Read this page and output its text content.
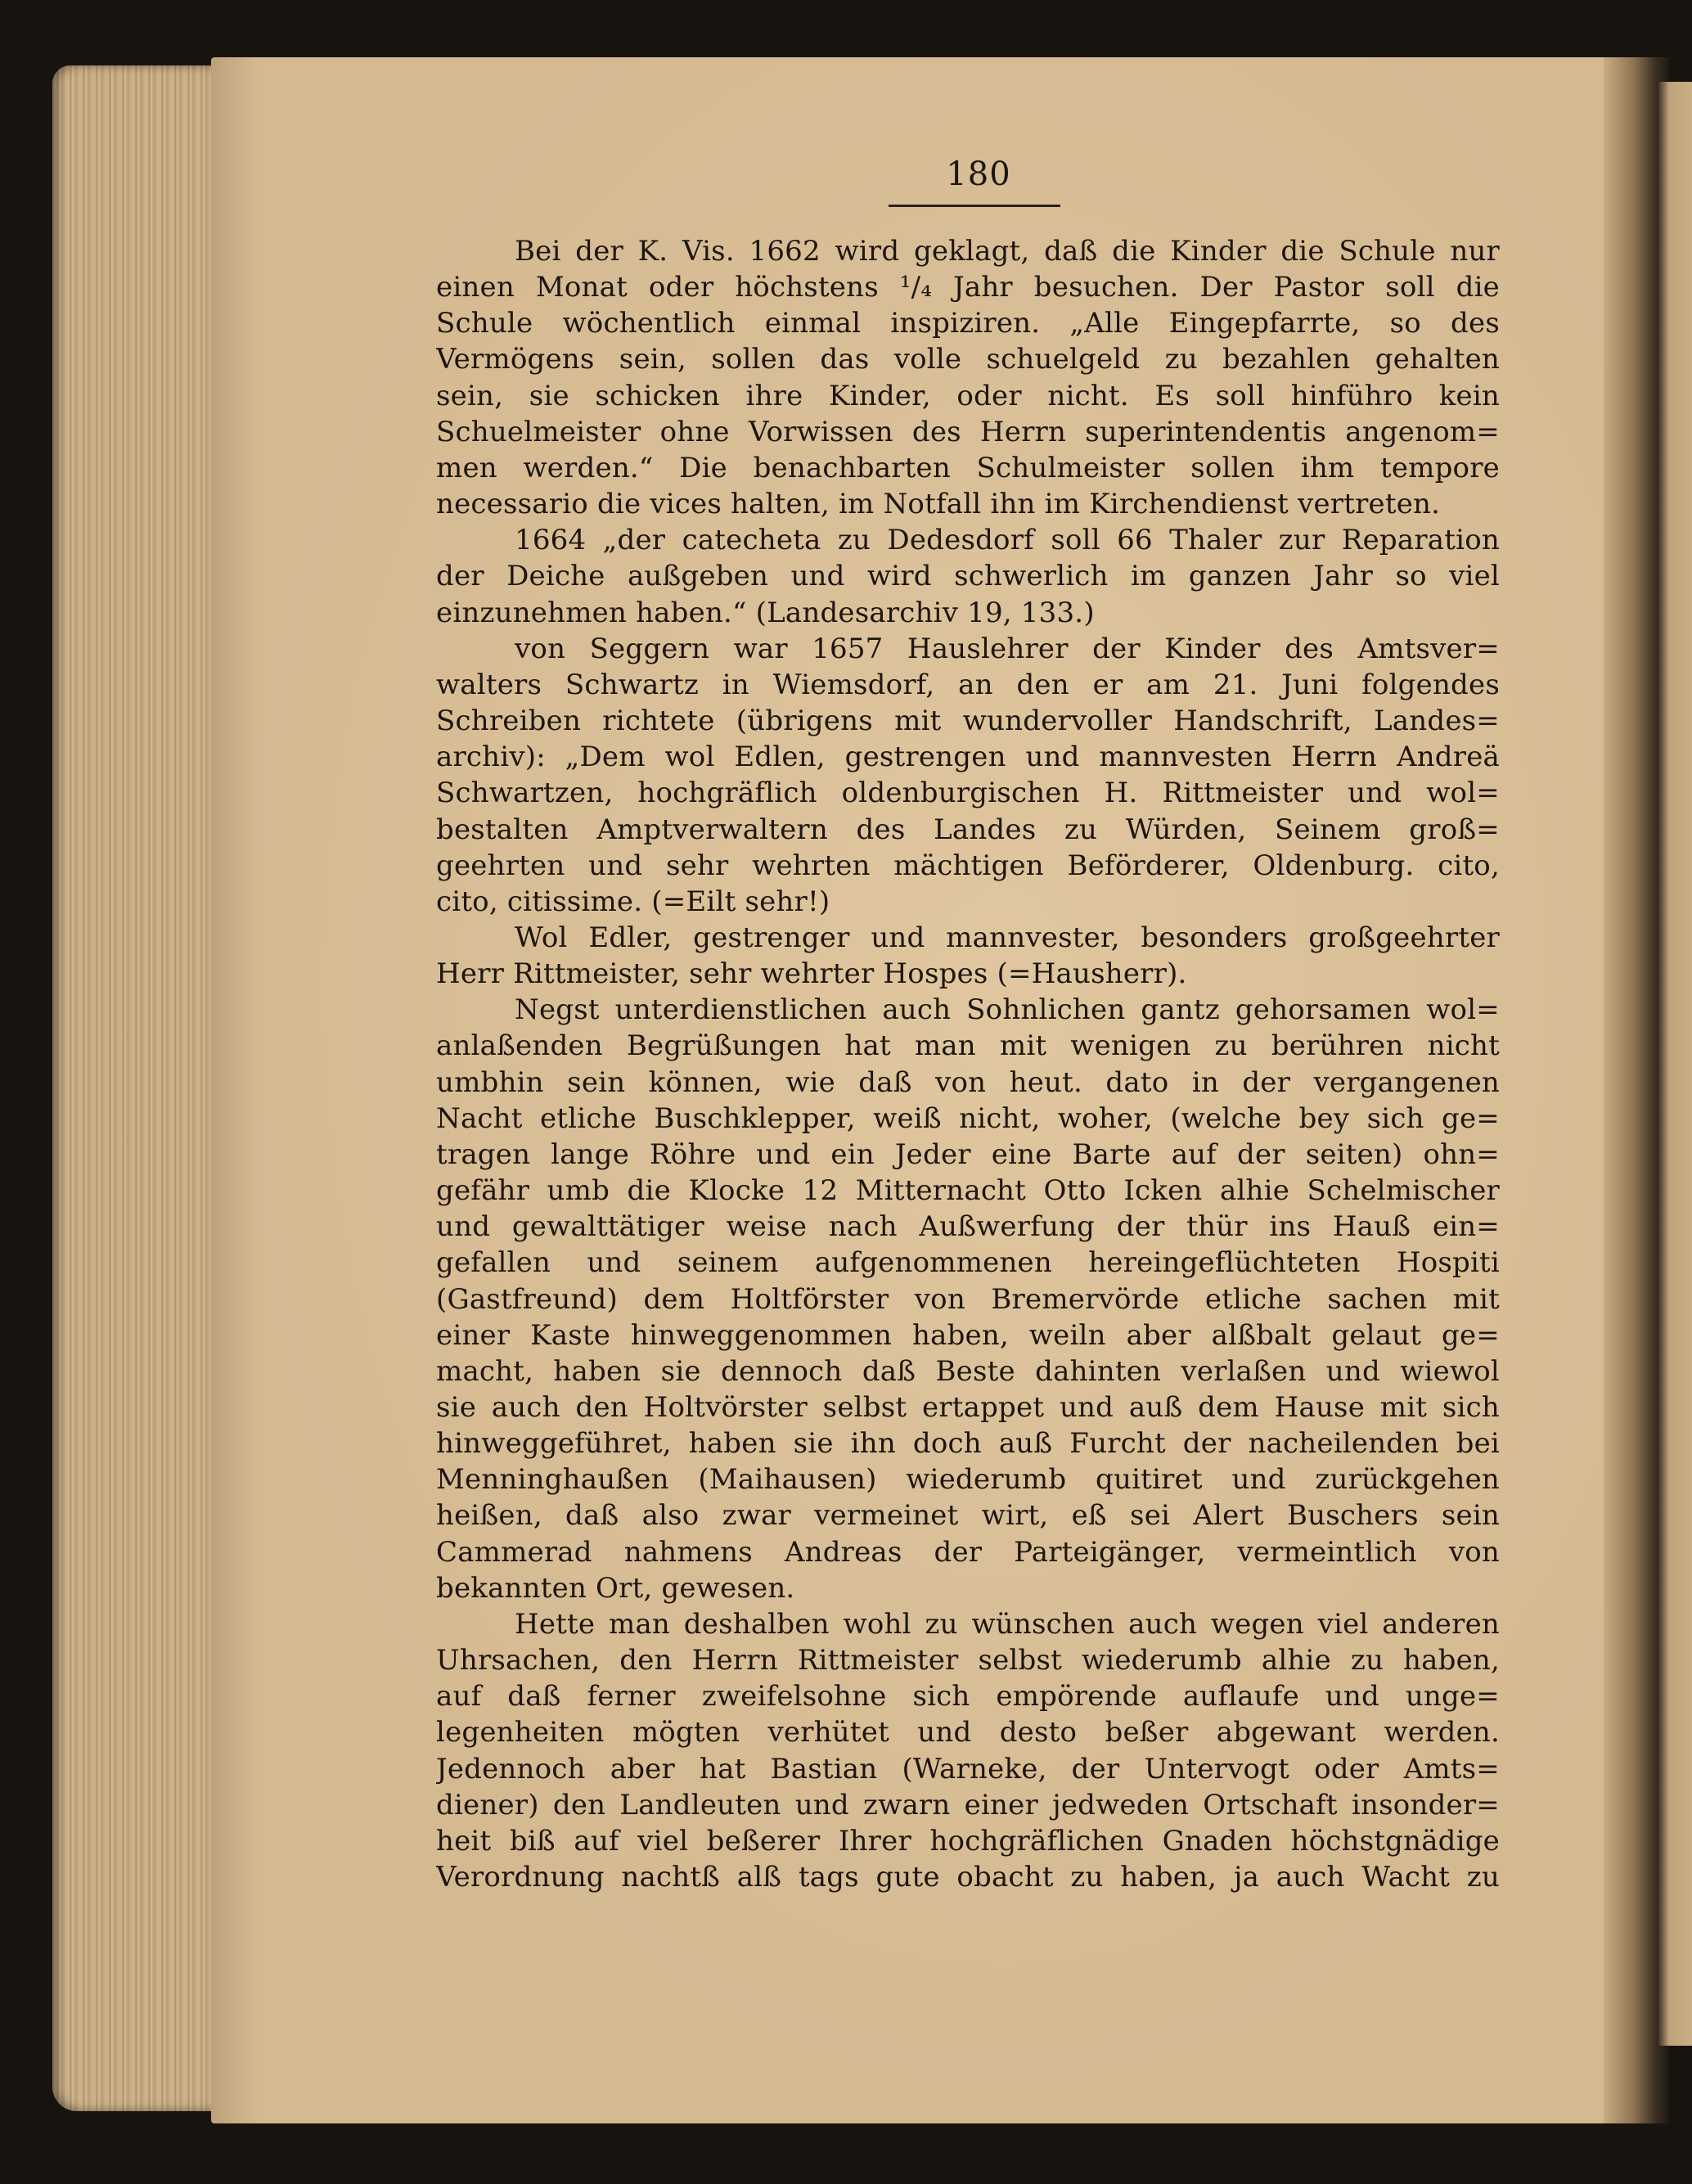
180
Bei der K. Vis. 1662 wird geklagt, daß die Kinder die Schule nur
einen Monat oder höchstens ¹/₄ Jahr besuchen. Der Pastor soll die
Schule wöchentlich einmal inspiziren. „Alle Eingepfarrte, so des
Vermögens sein, sollen das volle schuelgeld zu bezahlen gehalten
sein, sie schicken ihre Kinder, oder nicht. Es soll hinführo kein
Schuelmeister ohne Vorwissen des Herrn superintendentis angenom=
men werden.“ Die benachbarten Schulmeister sollen ihm tempore
necessario die vices halten, im Notfall ihn im Kirchendienst vertreten.
1664 „der catecheta zu Dedesdorf soll 66 Thaler zur Reparation
der Deiche außgeben und wird schwerlich im ganzen Jahr so viel
einzunehmen haben.“ (Landesarchiv 19, 133.)
von Seggern war 1657 Hauslehrer der Kinder des Amtsver=
walters Schwartz in Wiemsdorf, an den er am 21. Juni folgendes
Schreiben richtete (übrigens mit wundervoller Handschrift, Landes=
archiv): „Dem wol Edlen, gestrengen und mannvesten Herrn Andreä
Schwartzen, hochgräflich oldenburgischen H. Rittmeister und wol=
bestalten Amptverwaltern des Landes zu Würden, Seinem groß=
geehrten und sehr wehrten mächtigen Beförderer, Oldenburg. cito,
cito, citissime. (=Eilt sehr!)
Wol Edler, gestrenger und mannvester, besonders großgeehrter
Herr Rittmeister, sehr wehrter Hospes (=Hausherr).
Negst unterdienstlichen auch Sohnlichen gantz gehorsamen wol=
anlaßenden Begrüßungen hat man mit wenigen zu berühren nicht
umbhin sein können, wie daß von heut. dato in der vergangenen
Nacht etliche Buschklepper, weiß nicht, woher, (welche bey sich ge=
tragen lange Röhre und ein Jeder eine Barte auf der seiten) ohn=
gefähr umb die Klocke 12 Mitternacht Otto Icken alhie Schelmischer
und gewalttätiger weise nach Außwerfung der thür ins Hauß ein=
gefallen und seinem aufgenommenen hereingeflüchteten Hospiti
(Gastfreund) dem Holtförster von Bremervörde etliche sachen mit
einer Kaste hinweggenommen haben, weiln aber alßbalt gelaut ge=
macht, haben sie dennoch daß Beste dahinten verlaßen und wiewol
sie auch den Holtvörster selbst ertappet und auß dem Hause mit sich
hinweggeführet, haben sie ihn doch auß Furcht der nacheilenden bei
Menninghaußen (Maihausen) wiederumb quitiret und zurückgehen
heißen, daß also zwar vermeinet wirt, eß sei Alert Buschers sein
Cammerad nahmens Andreas der Parteigänger, vermeintlich von
bekannten Ort, gewesen.
Hette man deshalben wohl zu wünschen auch wegen viel anderen
Uhrsachen, den Herrn Rittmeister selbst wiederumb alhie zu haben,
auf daß ferner zweifelsohne sich empörende auflaufe und unge=
legenheiten mögten verhütet und desto beßer abgewant werden.
Jedennoch aber hat Bastian (Warneke, der Untervogt oder Amts=
diener) den Landleuten und zwarn einer jedweden Ortschaft insonder=
heit biß auf viel beßerer Ihrer hochgräflichen Gnaden höchstgnädige
Verordnung nachtß alß tags gute obacht zu haben, ja auch Wacht zu
